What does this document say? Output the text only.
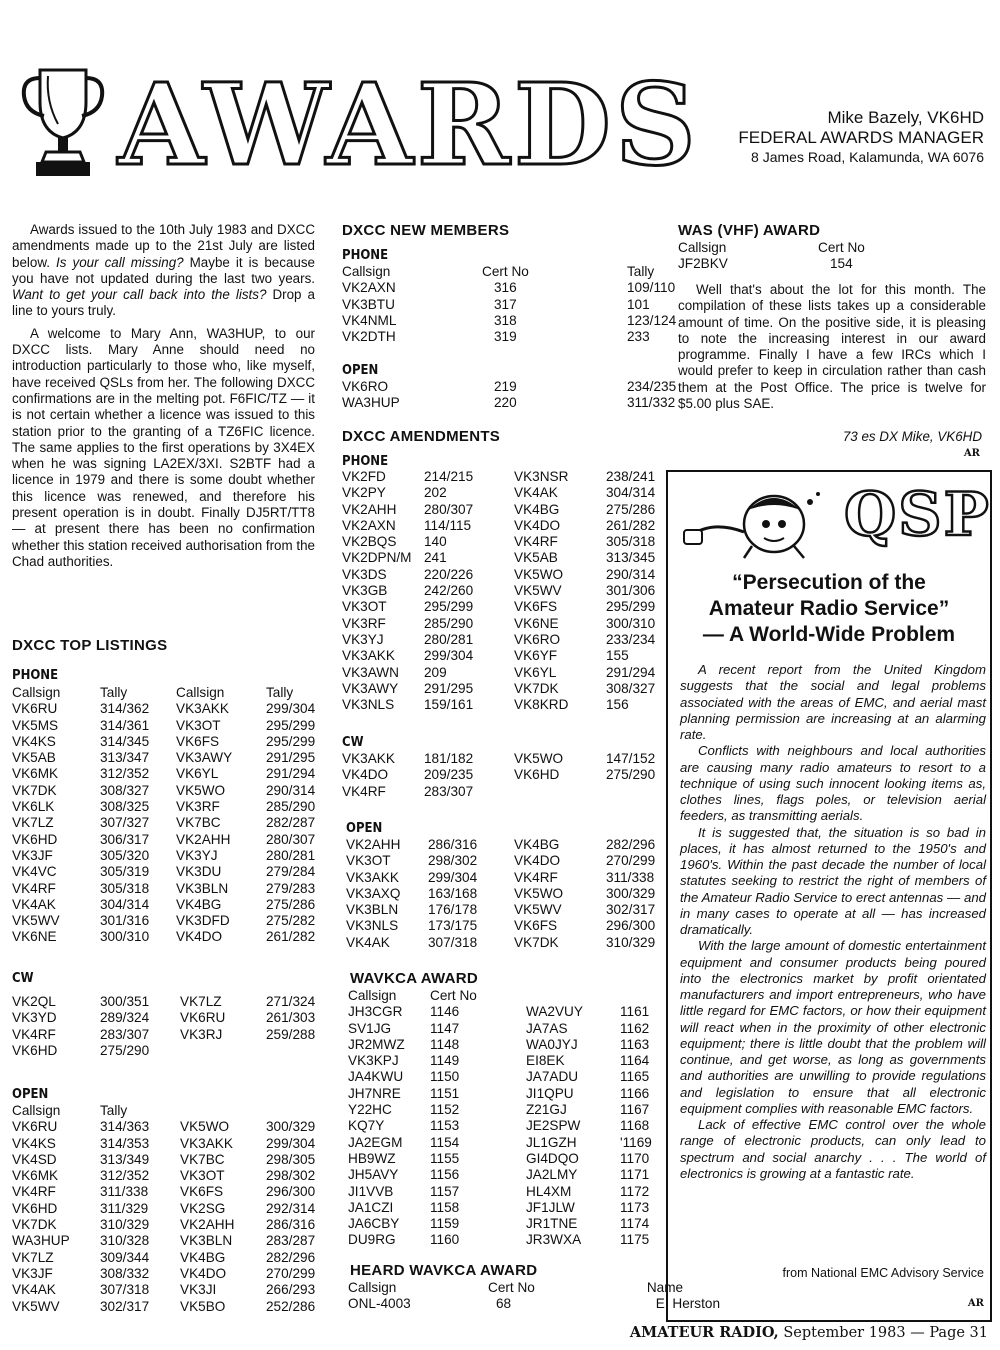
AWARDS	Mike Bazely, VK6HD
FEDERAL AWARDS MANAGER
8 James Road, Kalamunda, WA 6076
Awards issued to the 10th July 1983 and DXCC amendments made up to the 21st July are listed below. Is your call missing? Maybe it is because you have not updated during the last two years. Want to get your call back into the lists? Drop a line to yours truly.
A welcome to Mary Ann, WA3HUP, to our DXCC lists. Mary Anne should need no introduction particularly to those who, like myself, have received QSLs from her. The following DXCC confirmations are in the melting pot. F6FIC/TZ — it is not certain whether a licence was issued to this station prior to the granting of a TZ6FIC licence. The same applies to the first operations by 3X4EX when he was signing LA2EX/3XI. S2BTF had a licence in 1979 and there is some doubt whether this licence was renewed, and therefore his present operation is in doubt. Finally DJ5RT/TT8 — at present there has been no confirmation whether this station received authorisation from the Chad authorities.
DXCC TOP LISTINGS
PHONE
Callsign	Tally	Callsign	Tally
VK6RU	314/362	VK3AKK	299/304
VK5MS	314/361	VK3OT	295/299
VK4KS	314/345	VK6FS	295/299
VK5AB	313/347	VK3AWY	291/295
VK6MK	312/352	VK6YL	291/294
VK7DK	308/327	VK5WO	290/314
VK6LK	308/325	VK3RF	285/290
VK7LZ	307/327	VK7BC	282/287
VK6HD	306/317	VK2AHH	280/307
VK3JF	305/320	VK3YJ	280/281
VK4VC	305/319	VK3DU	279/284
VK4RF	305/318	VK3BLN	279/283
VK4AK	304/314	VK4BG	275/286
VK5WV	301/316	VK3DFD	275/282
VK6NE	300/310	VK4DO	261/282
CW
VK2QL	300/351	VK7LZ	271/324
VK3YD	289/324	VK6RU	261/303
VK4RF	283/307	VK3RJ	259/288
VK6HD	275/290		
OPEN
Callsign	Tally		
VK6RU	314/363	VK5WO	300/329
VK4KS	314/353	VK3AKK	299/304
VK4SD	313/349	VK7BC	298/305
VK6MK	312/352	VK3OT	298/302
VK4RF	311/338	VK6FS	296/300
VK6HD	311/329	VK2SG	292/314
VK7DK	310/329	VK2AHH	286/316
WA3HUP	310/328	VK3BLN	283/287
VK7LZ	309/344	VK4BG	282/296
VK3JF	308/332	VK4DO	270/299
VK4AK	307/318	VK3JI	266/293
VK5WV	302/317	VK5BO	252/286
DXCC NEW MEMBERS
PHONE
Callsign	Cert No	Tally
VK2AXN	316	109/110
VK3BTU	317	101
VK4NML	318	123/124
VK2DTH	319	233
OPEN
VK6RO	219	234/235
WA3HUP	220	311/332
DXCC AMENDMENTS
PHONE
VK2FD	214/215	VK3NSR	238/241
VK2PY	202	VK4AK	304/314
VK2AHH	280/307	VK4BG	275/286
VK2AXN	114/115	VK4DO	261/282
VK2BQS	140	VK4RF	305/318
VK2DPN/M	241	VK5AB	313/345
VK3DS	220/226	VK5WO	290/314
VK3GB	242/260	VK5WV	301/306
VK3OT	295/299	VK6FS	295/299
VK3RF	285/290	VK6NE	300/310
VK3YJ	280/281	VK6RO	233/234
VK3AKK	299/304	VK6YF	155
VK3AWN	209	VK6YL	291/294
VK3AWY	291/295	VK7DK	308/327
VK3NLS	159/161	VK8KRD	156
CW
VK3AKK	181/182	VK5WO	147/152
VK4DO	209/235	VK6HD	275/290
VK4RF	283/307		
OPEN
VK2AHH	286/316	VK4BG	282/296
VK3OT	298/302	VK4DO	270/299
VK3AKK	299/304	VK4RF	311/338
VK3AXQ	163/168	VK5WO	300/329
VK3BLN	176/178	VK5WV	302/317
VK3NLS	173/175	VK6FS	296/300
VK4AK	307/318	VK7DK	310/329
WAVKCA AWARD
Callsign	Cert No		
JH3CGR	1146	WA2VUY	1161
SV1JG	1147	JA7AS	1162
JR2MWZ	1148	WA0JYJ	1163
VK3KPJ	1149	EI8EK	1164
JA4KWU	1150	JA7ADU	1165
JH7NRE	1151	JI1QPU	1166
Y22HC	1152	Z21GJ	1167
KQ7Y	1153	JE2SPW	1168
JA2EGM	1154	JL1GZH	'1169
HB9WZ	1155	GI4DQO	1170
JH5AVY	1156	JA2LMY	1171
JI1VVB	1157	HL4XM	1172
JA1CZI	1158	JF1JLW	1173
JA6CBY	1159	JR1TNE	1174
DU9RG	1160	JR3WXA	1175
HEARD WAVKCA AWARD
Callsign	Cert No	Name
ONL-4003	68	E. Herston
WAS (VHF) AWARD
Callsign	Cert No
JF2BKV	154
Well that's about the lot for this month. The compilation of these lists takes up a considerable amount of time. On the positive side, it is pleasing to note the increasing interest in our award programme. Finally I have a few IRCs which I would prefer to keep in circulation rather than cash them at the Post Office. The price is twelve for $5.00 plus SAE.
73 es DX Mike, VK6HD
AR
QSP
“Persecution of the
Amateur Radio Service”
— A World-Wide Problem

A recent report from the United Kingdom suggests that the social and legal problems associated with the areas of EMC, and aerial mast planning permission are increasing at an alarming rate.

Conflicts with neighbours and local authorities are causing many radio amateurs to resort to a technique of using such innocent looking items as, clothes lines, flags poles, or television aerial feeders, as transmitting aerials.

It is suggested that, the situation is so bad in places, it has almost returned to the 1950's and 1960's. Within the past decade the number of local statutes seeking to restrict the right of members of the Amateur Radio Service to erect antennas — and in many cases to operate at all — has increased dramatically.

With the large amount of domestic entertainment equipment and consumer products being poured into the electronics market by profit orientated manufacturers and import entrepreneurs, who have little regard for EMC factors, or how their equipment will react when in the proximity of other electronic equipment; there is little doubt that the problem will continue, and get worse, as long as governments and authorities are unwilling to provide regulations and legislation to ensure that all electronic equipment complies with reasonable EMC factors.

Lack of effective EMC control over the whole range of electronic products, can only lead to spectrum and social anarchy . . . The world of electronics is growing at a fantastic rate.

from National EMC Advisory Service
AR
AMATEUR RADIO, September 1983 — Page 31
